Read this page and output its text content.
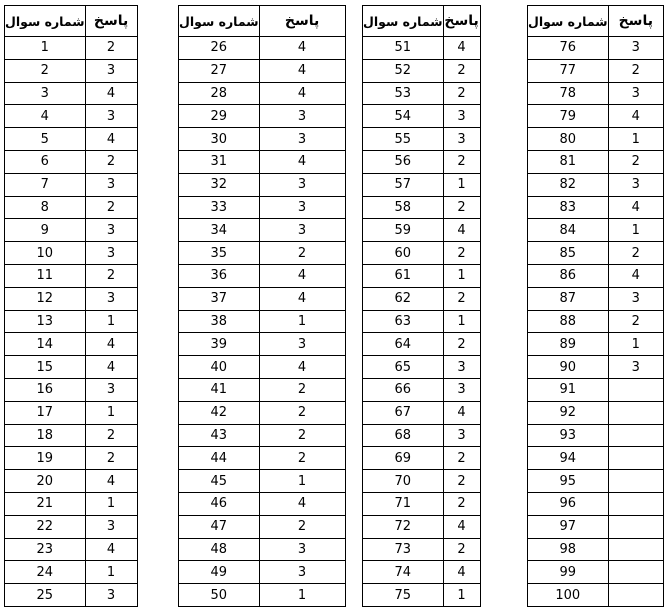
شماره سوال	پاسخ
1	2
2	3
3	4
4	3
5	4
6	2
7	3
8	2
9	3
10	3
11	2
12	3
13	1
14	4
15	4
16	3
17	1
18	2
19	2
20	4
21	1
22	3
23	4
24	1
25	3
شماره سوال	پاسخ
26	4
27	4
28	4
29	3
30	3
31	4
32	3
33	3
34	3
35	2
36	4
37	4
38	1
39	3
40	4
41	2
42	2
43	2
44	2
45	1
46	4
47	2
48	3
49	3
50	1
شماره سوال	پاسخ
51	4
52	2
53	2
54	3
55	3
56	2
57	1
58	2
59	4
60	2
61	1
62	2
63	1
64	2
65	3
66	3
67	4
68	3
69	2
70	2
71	2
72	4
73	2
74	4
75	1
شماره سوال	پاسخ
76	3
77	2
78	3
79	4
80	1
81	2
82	3
83	4
84	1
85	2
86	4
87	3
88	2
89	1
90	3
91	
92	
93	
94	
95	
96	
97	
98	
99	
100	
